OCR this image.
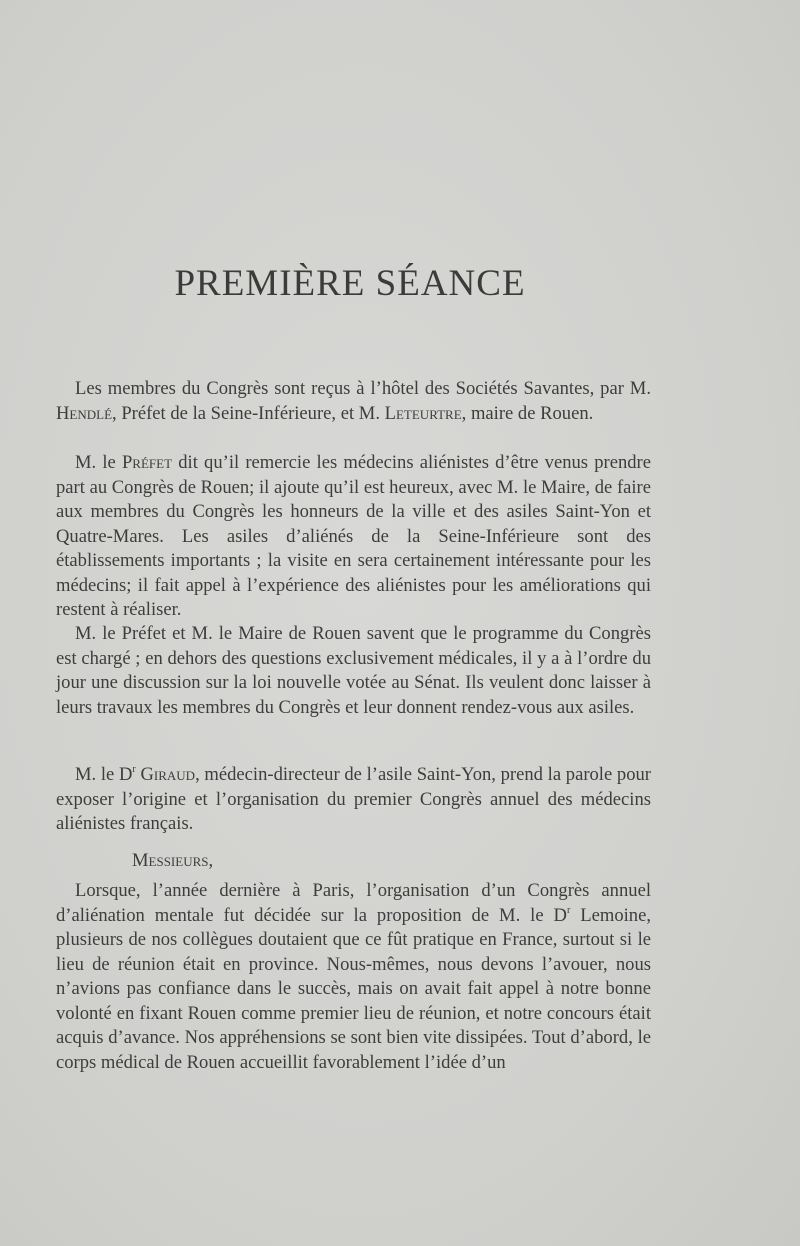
PREMIÈRE SÉANCE

Les membres du Congrès sont reçus à l’hôtel des Sociétés Savantes, par M. Hendlé, Préfet de la Seine-Inférieure, et M. Leteurtre, maire de Rouen.

M. le Préfet dit qu’il remercie les médecins aliénistes d’être venus prendre part au Congrès de Rouen; il ajoute qu’il est heureux, avec M. le Maire, de faire aux membres du Congrès les honneurs de la ville et des asiles Saint-Yon et Quatre-Mares. Les asiles d’aliénés de la Seine-Inférieure sont des établissements importants ; la visite en sera certainement intéressante pour les médecins; il fait appel à l’expérience des aliénistes pour les améliorations qui restent à réaliser.

M. le Préfet et M. le Maire de Rouen savent que le programme du Congrès est chargé ; en dehors des questions exclusivement médicales, il y a à l’ordre du jour une discussion sur la loi nouvelle votée au Sénat. Ils veulent donc laisser à leurs travaux les membres du Congrès et leur donnent rendez-vous aux asiles.

M. le $D^r$ Giraud, médecin-directeur de l’asile Saint-Yon, prend la parole pour exposer l’origine et l’organisation du premier Congrès annuel des médecins aliénistes français.

Messieurs,

Lorsque, l’année dernière à Paris, l’organisation d’un Congrès annuel d’aliénation mentale fut décidée sur la proposition de M. le $D^r$ Lemoine, plusieurs de nos collègues doutaient que ce fût pratique en France, surtout si le lieu de réunion était en province. Nous-mêmes, nous devons l’avouer, nous n’avions pas confiance dans le succès, mais on avait fait appel à notre bonne volonté en fixant Rouen comme premier lieu de réunion, et notre concours était acquis d’avance. Nos appréhensions se sont bien vite dissipées. Tout d’abord, le corps médical de Rouen accueillit favorablement l’idée d’un
